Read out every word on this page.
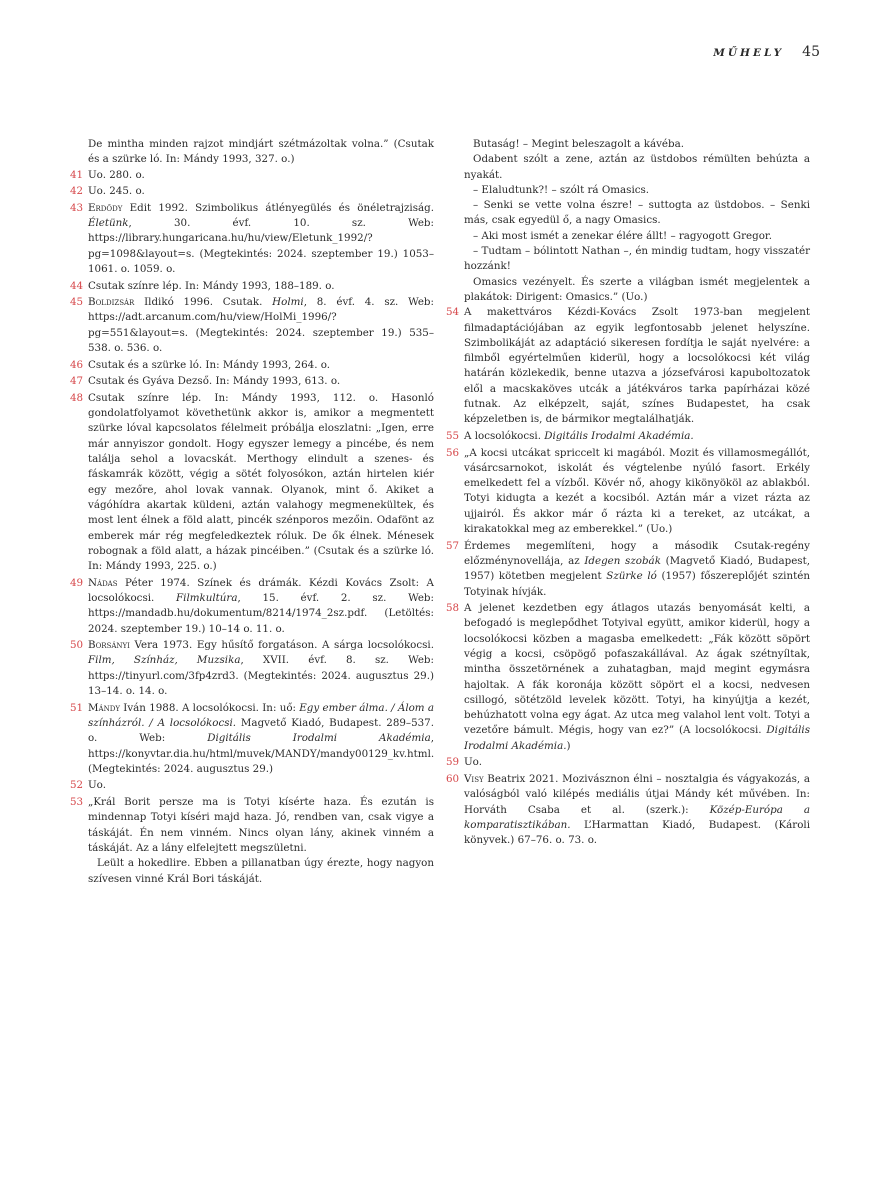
MŰHELY 45

De mintha minden rajzot mindjárt szétmázoltak volna.” (Csutak és a szürke ló. In: Mándy 1993, 327. o.)

41 Uo. 280. o.
42 Uo. 245. o.
43 Erdődy Edit 1992. Szimbolikus átlényegülés és önéletrajziság. Életünk, 30. évf. 10. sz. Web: https://library.hungaricana.hu/hu/view/Eletunk_1992/?pg=1098&layout=s. (Megtekintés: 2024. szeptember 19.) 1053–1061. o. 1059. o.
44 Csutak színre lép. In: Mándy 1993, 188–189. o.
45 Boldizsár Ildikó 1996. Csutak. Holmi, 8. évf. 4. sz. Web: https://adt.arcanum.com/hu/view/HolMi_1996/?pg=551&layout=s. (Megtekintés: 2024. szeptember 19.) 535–538. o. 536. o.
46 Csutak és a szürke ló. In: Mándy 1993, 264. o.
47 Csutak és Gyáva Dezső. In: Mándy 1993, 613. o.
48 Csutak színre lép. In: Mándy 1993, 112. o. Hasonló gondolatfolyamot követhetünk akkor is, amikor a megmentett szürke lóval kapcsolatos félelmeit próbálja eloszlatni: „Igen, erre már annyiszor gondolt. Hogy egyszer lemegy a pincébe, és nem találja sehol a lovacskát. Merthogy elindult a szenes- és fáskamrák között, végig a sötét folyosókon, aztán hirtelen kiér egy mezőre, ahol lovak vannak. Olyanok, mint ő. Akiket a vágóhídra akartak küldeni, aztán valahogy megmenekültek, és most lent élnek a föld alatt, pincék szénporos mezőin. Odafönt az emberek már rég megfeledkeztek róluk. De ők élnek. Ménesek robognak a föld alatt, a házak pincéiben.” (Csutak és a szürke ló. In: Mándy 1993, 225. o.)
49 Nádas Péter 1974. Színek és drámák. Kézdi Kovács Zsolt: A locsolókocsi. Filmkultúra, 15. évf. 2. sz. Web: https://mandadb.hu/dokumentum/8214/1974_2sz.pdf. (Letöltés: 2024. szeptember 19.) 10–14 o. 11. o.
50 Borsányi Vera 1973. Egy hűsítő forgatáson. A sárga locsolókocsi. Film, Színház, Muzsika, XVII. évf. 8. sz. Web: https://tinyurl.com/3fp4zrd3. (Megtekintés: 2024. augusztus 29.) 13–14. o. 14. o.
51 Mándy Iván 1988. A locsolókocsi. In: uő: Egy ember álma. / Álom a színházról. / A locsolókocsi. Magvető Kiadó, Budapest. 289–537. o. Web: Digitális Irodalmi Akadémia, https://konyvtar.dia.hu/html/muvek/MANDY/mandy00129_kv.html. (Megtekintés: 2024. augusztus 29.)
52 Uo.
53 „Král Borit persze ma is Totyi kísérte haza. És ezután is mindennap Totyi kíséri majd haza. Jó, rendben van, csak vigye a táskáját. Én nem vinném. Nincs olyan lány, akinek vinném a táskáját. Az a lány elfelejtett megszületni.
Leült a hokedlire. Ebben a pillanatban úgy érezte, hogy nagyon szívesen vinné Král Bori táskáját.

Butaság! – Megint beleszagolt a kávéba.

Odabent szólt a zene, aztán az üstdobos rémülten behúzta a nyakát.

– Elaludtunk?! – szólt rá Omasics.

– Senki se vette volna észre! – suttogta az üstdobos. – Senki más, csak egyedül ő, a nagy Omasics.

– Aki most ismét a zenekar élére állt! – ragyogott Gregor.

– Tudtam – bólintott Nathan –, én mindig tudtam, hogy visszatér hozzánk!

Omasics vezényelt. És szerte a világban ismét megjelentek a plakátok: Dirigent: Omasics.” (Uo.)

54 A makettváros Kézdi-Kovács Zsolt 1973-ban megjelent filmadaptációjában az egyik legfontosabb jelenet helyszíne. Szimbolikáját az adaptáció sikeresen fordítja le saját nyelvére: a filmből egyértelműen kiderül, hogy a locsolókocsi két világ határán közlekedik, benne utazva a józsefvárosi kapuboltozatok elől a macskaköves utcák a játékváros tarka papírházai közé futnak. Az elképzelt, saját, színes Budapestet, ha csak képzeletben is, de bármikor megtalálhatják.
55 A locsolókocsi. Digitális Irodalmi Akadémia.
56 „A kocsi utcákat spriccelt ki magából. Mozit és villamosmegállót, vásárcsarnokot, iskolát és végtelenbe nyúló fasort. Erkély emelkedett fel a vízből. Kövér nő, ahogy kikönyököl az ablakból. Totyi kidugta a kezét a kocsiból. Aztán már a vizet rázta az ujjairól. És akkor már ő rázta ki a tereket, az utcákat, a kirakatokkal meg az emberekkel.” (Uo.)
57 Érdemes megemlíteni, hogy a második Csutak-regény előzménynovellája, az Idegen szobák (Magvető Kiadó, Budapest, 1957) kötetben megjelent Szürke ló (1957) főszereplőjét szintén Totyinak hívják.
58 A jelenet kezdetben egy átlagos utazás benyomását kelti, a befogadó is meglepődhet Totyival együtt, amikor kiderül, hogy a locsolókocsi közben a magasba emelkedett: „Fák között söpört végig a kocsi, csöpögő pofaszakállával. Az ágak szétnyíltak, mintha összetörnének a zuhatagban, majd megint egymásra hajoltak. A fák koronája között söpört el a kocsi, nedvesen csillogó, sötétzöld levelek között. Totyi, ha kinyújtja a kezét, behúzhatott volna egy ágat. Az utca meg valahol lent volt. Totyi a vezetőre bámult. Mégis, hogy van ez?” (A locsolókocsi. Digitális Irodalmi Akadémia.)
59 Uo.
60 Visy Beatrix 2021. Mozivásznon élni – nosztalgia és vágyakozás, a valóságból való kilépés mediális útjai Mándy két művében. In: Horváth Csaba et al. (szerk.): Közép-Európa a komparatisztikában. L’Harmattan Kiadó, Budapest. (Károli könyvek.) 67–76. o. 73. o.
